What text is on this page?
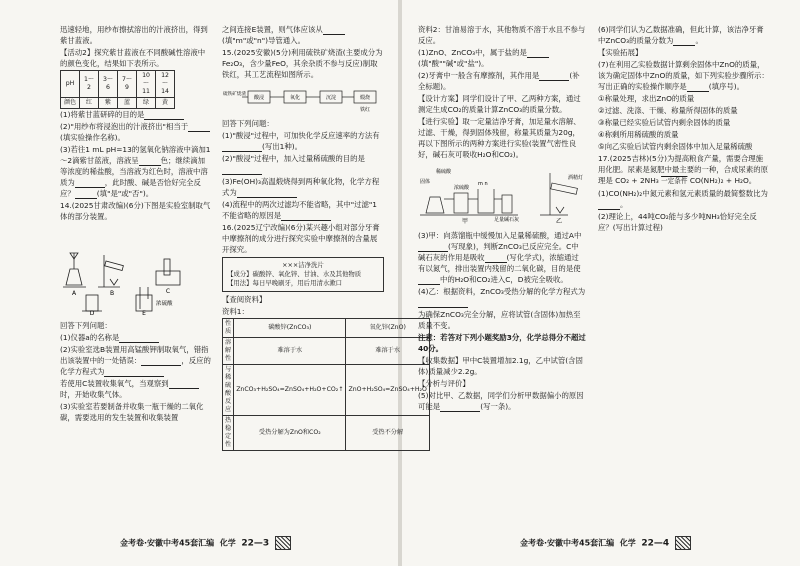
迅速轻地，用纱布擦拭溶出的汁液挤出，得到紫甘蓝液。

【活动2】探究紫甘蓝液在不同酸碱性溶液中的颜色变化，结果如下表所示。

pH	1～2	3～6	7～9	10～11	12～14
颜色	红	紫	蓝	绿	黄

(1)将紫甘蓝研碎的目的是

(2)"用纱布将浸泡出的汁液挤出"相当于(填实验操作名称)。

(3)若往1 mL pH=13的氢氧化钠溶液中滴加1～2滴紫甘蓝液，溶液呈	色；继续滴加等浓度的稀盐酸，当溶液为红色时，溶液中溶质为	，此时酸、碱是否恰好完全反应？	(填"是"或"否")。

14.(2025甘肃改编)(6分)下图是实验室制取气体的部分装置。

A	B	C
D	E
浓硫酸

回答下列问题：

(1)仪器a的名称是

(2)实验室选B装置用高锰酸钾制取氧气，错指出该装置中的一处错误：	，反应的化学方程式为

若使用C装置收集氧气，当观察到时，开始收集气体。

(3)实验室若要制备并收集一瓶干燥的二氧化碳，需要选用的发生装置和收集装置

之间连接E装置，则气体应该从(填"m"或"n")导管通入。

15.(2025安徽)(5分)利用硫铁矿烧渣(主要成分为Fe₂O₃，含少量FeO，其余杂质不参与反应)制取铁红，其工艺流程如图所示。

硫铁矿烧渣
酸浸	氧化	沉淀	煅烧
铁红

回答下列问题：

(1)"酸浸"过程中，可加快化学反应速率的方法有(写出1种)。

(2)"酸浸"过程中，加入过量稀硫酸的目的是

(3)Fe(OH)₃高温煅烧得到两种氧化物，化学方程式为

(4)流程中的两次过滤均不能省略，其中"过滤"1不能省略的原因是

16.(2025辽宁改编)(6分)某兴趣小组对部分牙膏中摩擦剂的成分进行探究实验中摩擦剂的含量展开探究。

×××洁净洗片
【成分】碳酸锌、氧化锌、甘油、水及其他物质
【用法】每日早晚刷牙，用后用清水漱口

【查阅资料】

资料1：

性质	碳酸锌(ZnCO₃)	氧化锌(ZnO)
溶解性	难溶于水	难溶于水
与稀硫酸反应	ZnCO₃+H₂SO₄=ZnSO₄+H₂O+CO₂↑	ZnO+H₂SO₄=ZnSO₄+H₂O
热稳定性	受热分解为ZnO和CO₂	受热不分解

资料2：甘油易溶于水，其他物质不溶于水且不参与反应。

(1)ZnO、ZnCO₃中，属于盐的是(填"酸""碱"或"盐")。

(2)牙膏中一般含有摩擦剂，其作用是	(补全标题)。

【设计方案】同学们设计了甲、乙两种方案，通过测定生成CO₂的质量计算ZnCO₃的质量分数。

【进行实验】取一定量洁净牙膏，加足量水溶解、过滤、干燥，得到固体残留，称量其质量为20g，再以下图所示的两种方案进行实验(装置气密性良好，碱石灰可吸收H₂O和CO₂)。

固体
稀硫酸
浓硫酸
m n
足量碱石灰
酒精灯
甲	乙

(3)甲：向蒸馏瓶中缓慢加入足量稀硫酸，通过A中(写现象)，判断ZnCO₃已反应完全。C中碱石灰的作用是吸收	(写化学式)，浓缩通过有以氮气，排出装置内残留的二氧化碳，目的是使中的H₂O和CO₂进入C，D被完全吸收。

(4)乙：根据资料，ZnCO₃受热分解的化学方程式为

为确保ZnCO₃完全分解，应将试管(含固体)加热至质量不变。

注意：若答对下列小题奖励3分，化学总得分不超过40分。

【收集数据】甲中C装置增加2.1g，乙中试管(含固体)质量减少2.2g。

【分析与评价】

(5)对比甲、乙数据，同学们分析甲数据偏小的原因可能是	(写一条)。

(6)同学们认为乙数据准确，但此计算，该洁净牙膏中ZnCO₃的质量分数为	。

【实验拓展】

(7)在利用乙实验数据计算剩余固体中ZnO的质量，该为确定固体中ZnO的质量，如下列实验步骤所示：写出正确的实验操作顺序是	(填序号)。

①称量处理，求出ZnO的质量

②过滤、洗涤、干燥、称量所得固体的质量

③称量已经实验后试管内剩余固体的质量

④称剩所用稀硫酸的质量

⑤向乙实验后试管内剩余固体中加入足量稀硫酸

17.(2025吉林)(5分)为提高粮食产量，需要合理施用化肥。尿素是氮肥中最主要的一种，合成尿素的原理是 CO₂ + 2NH₃ 一定条件 CO(NH₂)₂ + H₂O。

(1)CO(NH₂)₂中氮元素和氢元素质量的最简整数比为。

(2)理论上，44吨CO₂能与多少吨NH₃恰好完全反应？(写出计算过程)

金考卷·安徽中考45套汇编 化学 22—3	金考卷·安徽中考45套汇编 化学 22—4
